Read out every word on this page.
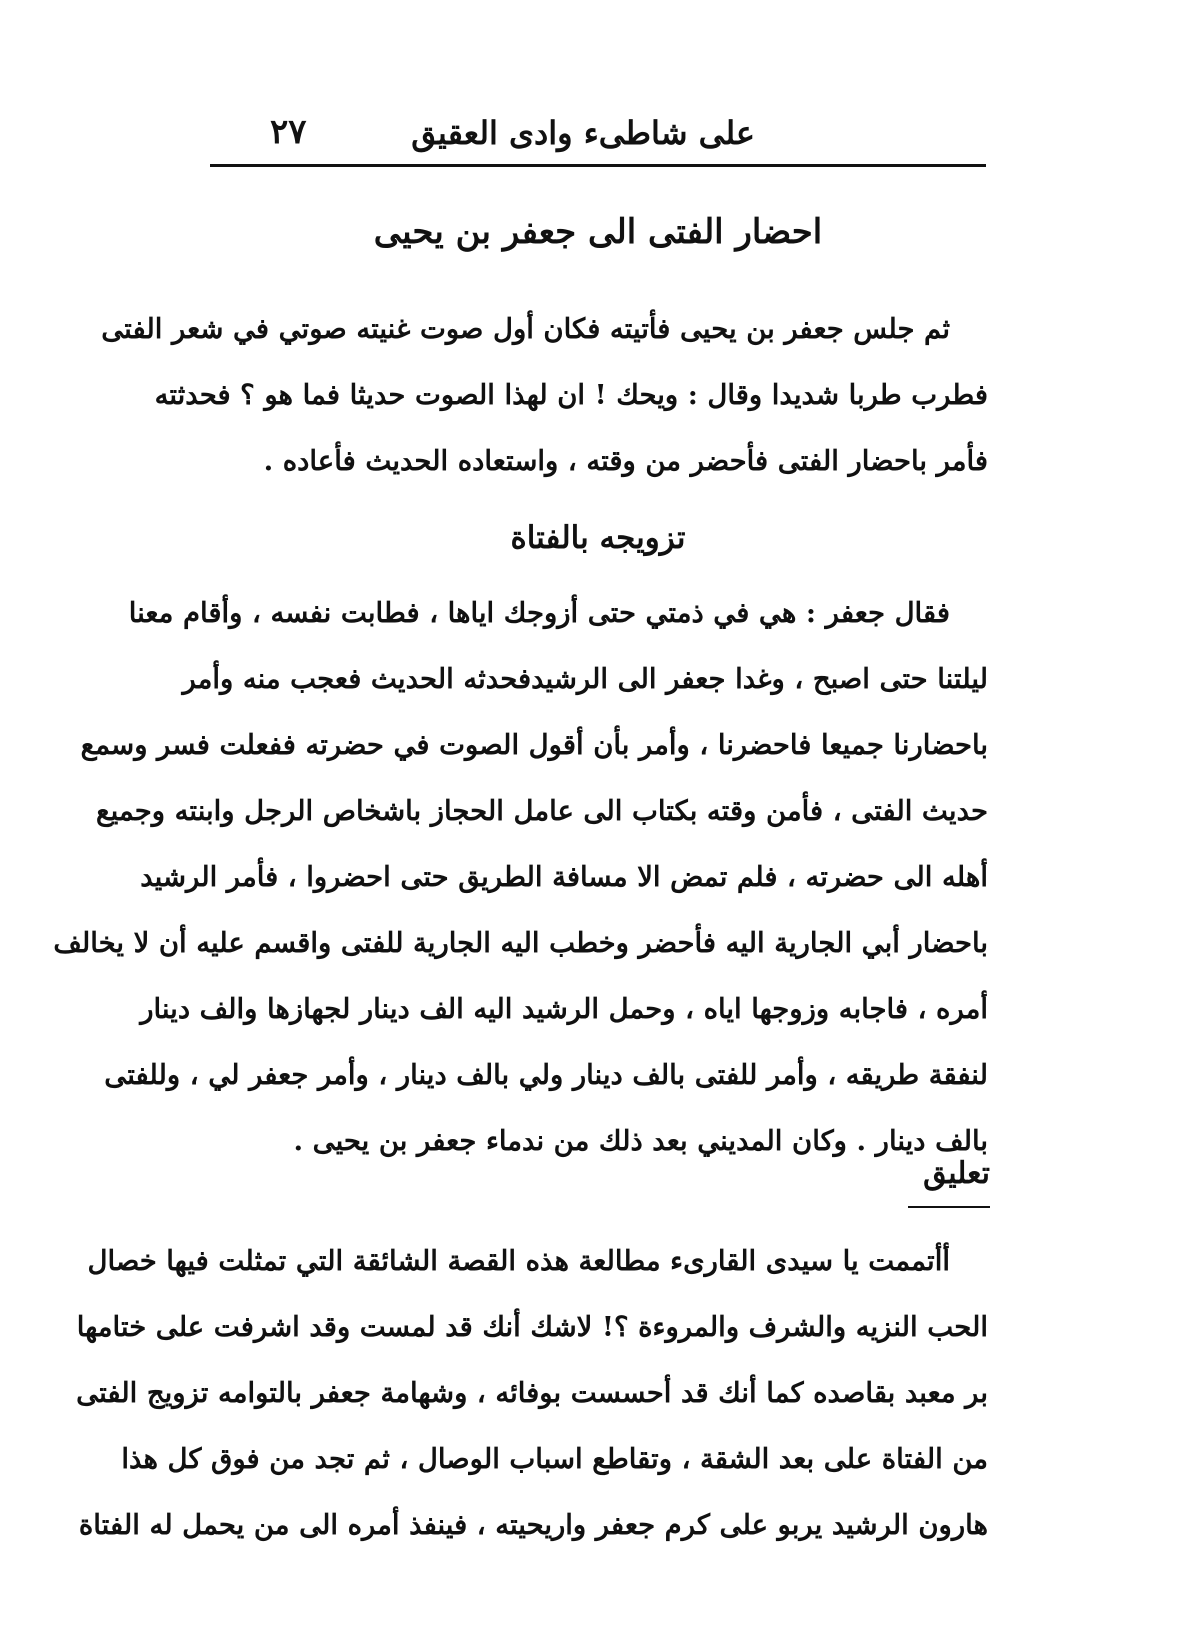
على شاطىء وادى العقيق
٢٧
احضار الفتى الى جعفر بن يحيى
ثم جلس جعفر بن يحيى فأتيته فكان أول صوت غنيته صوتي في شعر الفتى
فطرب طربا شديدا وقال : ويحك ! ان لهذا الصوت حديثا فما هو ؟ فحدثته
فأمر باحضار الفتى فأحضر من وقته ، واستعاده الحديث فأعاده .
تزويجه بالفتاة
فقال جعفر : هي في ذمتي حتى أزوجك اياها ، فطابت نفسه ، وأقام معنا
ليلتنا حتى اصبح ، وغدا جعفر الى الرشيدفحدثه الحديث فعجب منه وأمر
باحضارنا جميعا فاحضرنا ، وأمر بأن أقول الصوت في حضرته ففعلت فسر وسمع
حديث الفتى ، فأمن وقته بكتاب الى عامل الحجاز باشخاص الرجل وابنته وجميع
أهله الى حضرته ، فلم تمض الا مسافة الطريق حتى احضروا ، فأمر الرشيد
باحضار أبي الجارية اليه فأحضر وخطب اليه الجارية للفتى واقسم عليه أن لا يخالف
أمره ، فاجابه وزوجها اياه ، وحمل الرشيد اليه الف دينار لجهازها والف دينار
لنفقة طريقه ، وأمر للفتى بالف دينار ولي بالف دينار ، وأمر جعفر لي ، وللفتى
بالف دينار . وكان المديني بعد ذلك من ندماء جعفر بن يحيى .
تعليق
أأتممت يا سيدى القارىء مطالعة هذه القصة الشائقة التي تمثلت فيها خصال
الحب النزيه والشرف والمروءة ؟! لاشك أنك قد لمست وقد اشرفت على ختامها
بر معبد بقاصده كما أنك قد أحسست بوفائه ، وشهامة جعفر بالتوامه تزويج الفتى
من الفتاة على بعد الشقة ، وتقاطع اسباب الوصال ، ثم تجد من فوق كل هذا
هارون الرشيد يربو على كرم جعفر واريحيته ، فينفذ أمره الى من يحمل له الفتاة
